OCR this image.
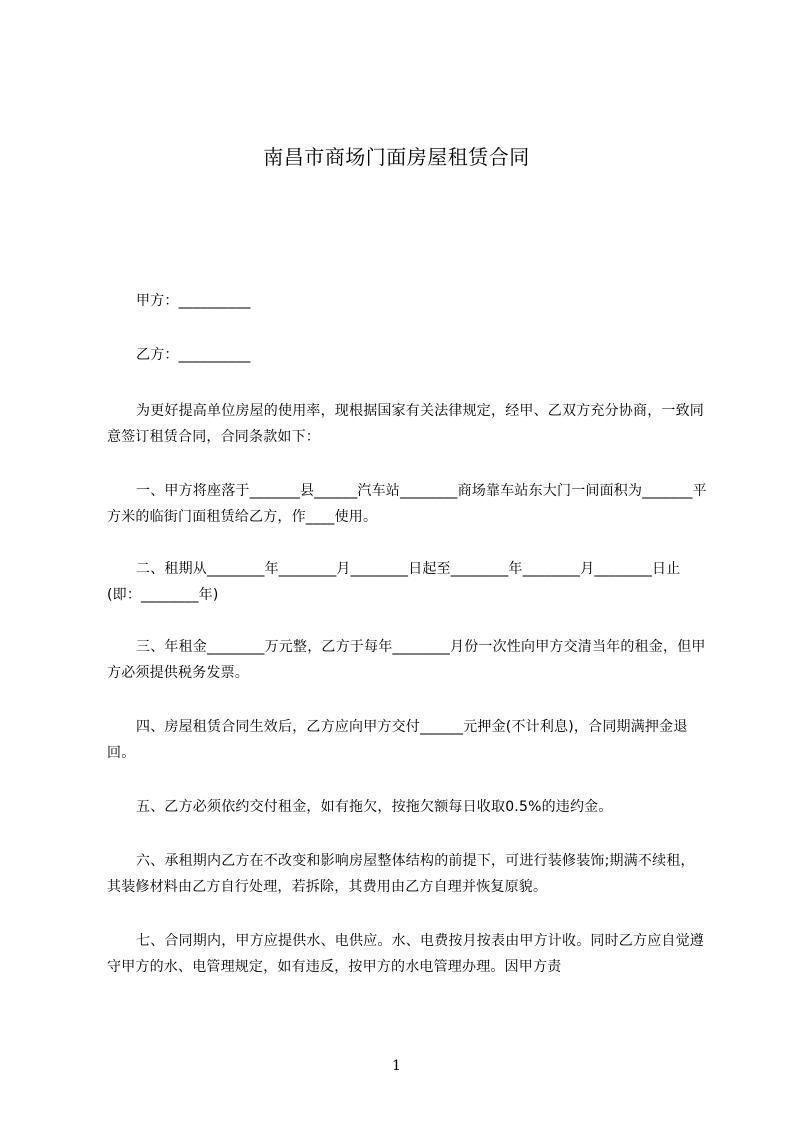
南昌市商场门面房屋租赁合同

甲方：__________

乙方：__________

为更好提高单位房屋的使用率，现根据国家有关法律规定，经甲、乙双方充分协商，一致同意签订租赁合同，合同条款如下：

一、甲方将座落于_______县______汽车站________商场靠车站东大门一间面积为_______平方米的临街门面租赁给乙方，作____使用。

二、租期从________年________月________日起至________年________月________日止(即：________年)

三、年租金________万元整，乙方于每年________月份一次性向甲方交清当年的租金，但甲方必须提供税务发票。

四、房屋租赁合同生效后，乙方应向甲方交付______元押金(不计利息)，合同期满押金退回。

五、乙方必须依约交付租金，如有拖欠，按拖欠额每日收取0.5%的违约金。

六、承租期内乙方在不改变和影响房屋整体结构的前提下，可进行装修装饰;期满不续租，其装修材料由乙方自行处理，若拆除，其费用由乙方自理并恢复原貌。

七、合同期内，甲方应提供水、电供应。水、电费按月按表由甲方计收。同时乙方应自觉遵守甲方的水、电管理规定，如有违反，按甲方的水电管理办理。因甲方责

1
